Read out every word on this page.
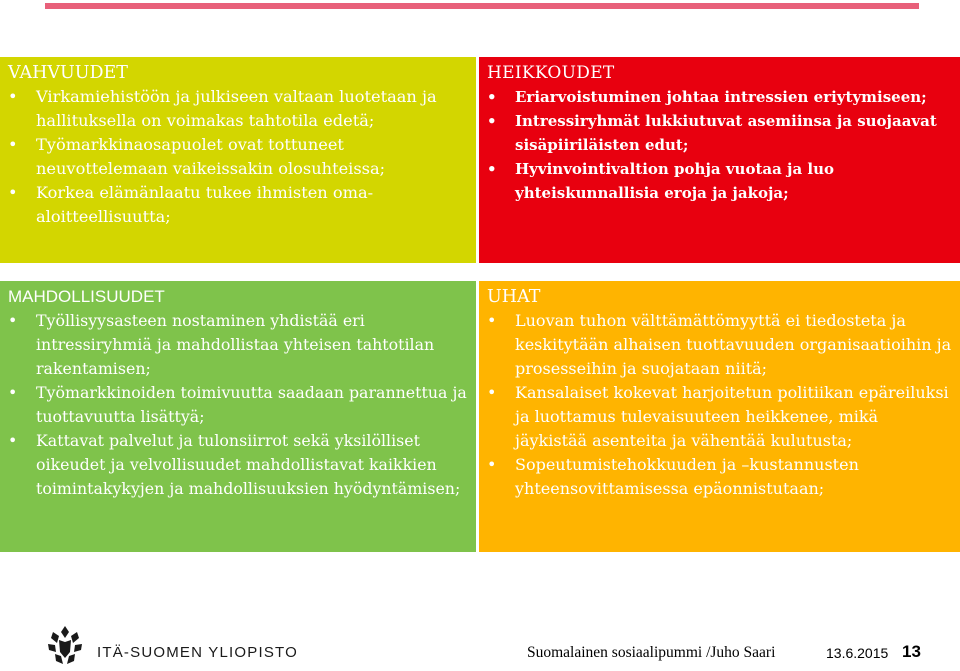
VAHVUUDET

• Virkamiehistöön ja julkiseen valtaan luotetaan ja hallituksella on voimakas tahtotila edetä;
• Työmarkkinaosapuolet ovat tottuneet neuvottelemaan vaikeissakin olosuhteissa;
• Korkea elämänlaatu tukee ihmisten oma-aloitteellisuutta;

HEIKKOUDET

• Eriarvoistuminen johtaa intressien eriytymiseen;
• Intressiryhmät lukkiutuvat asemiinsa ja suojaavat sisäpiiriläisten edut;
• Hyvinvointivaltion pohja vuotaa ja luo yhteiskunnallisia eroja ja jakoja;

MAHDOLLISUUDET

• Työllisyysasteen nostaminen yhdistää eri intressiryhmiä ja mahdollistaa yhteisen tahtotilan rakentamisen;
• Työmarkkinoiden toimivuutta saadaan parannettua ja tuottavuutta lisättyä;
• Kattavat palvelut ja tulonsiirrot sekä yksilölliset oikeudet ja velvollisuudet mahdollistavat kaikkien toimintakykyjen ja mahdollisuuksien hyödyntämisen;

UHAT

• Luovan tuhon välttämättömyyttä ei tiedosteta ja keskitytään alhaisen tuottavuuden organisaatioihin ja prosesseihin ja suojataan niitä;
• Kansalaiset kokevat harjoitetun politiikan epäreiluksi ja luottamus tulevaisuuteen heikkenee, mikä jäykistää asenteita ja vähentää kulutusta;
• Sopeutumistehokkuuden ja –kustannusten yhteensovittamisessa epäonnistutaan;
ITÄ-SUOMEN YLIOPISTO	Suomalainen sosiaalipummi /Juho Saari	13.6.2015 13
